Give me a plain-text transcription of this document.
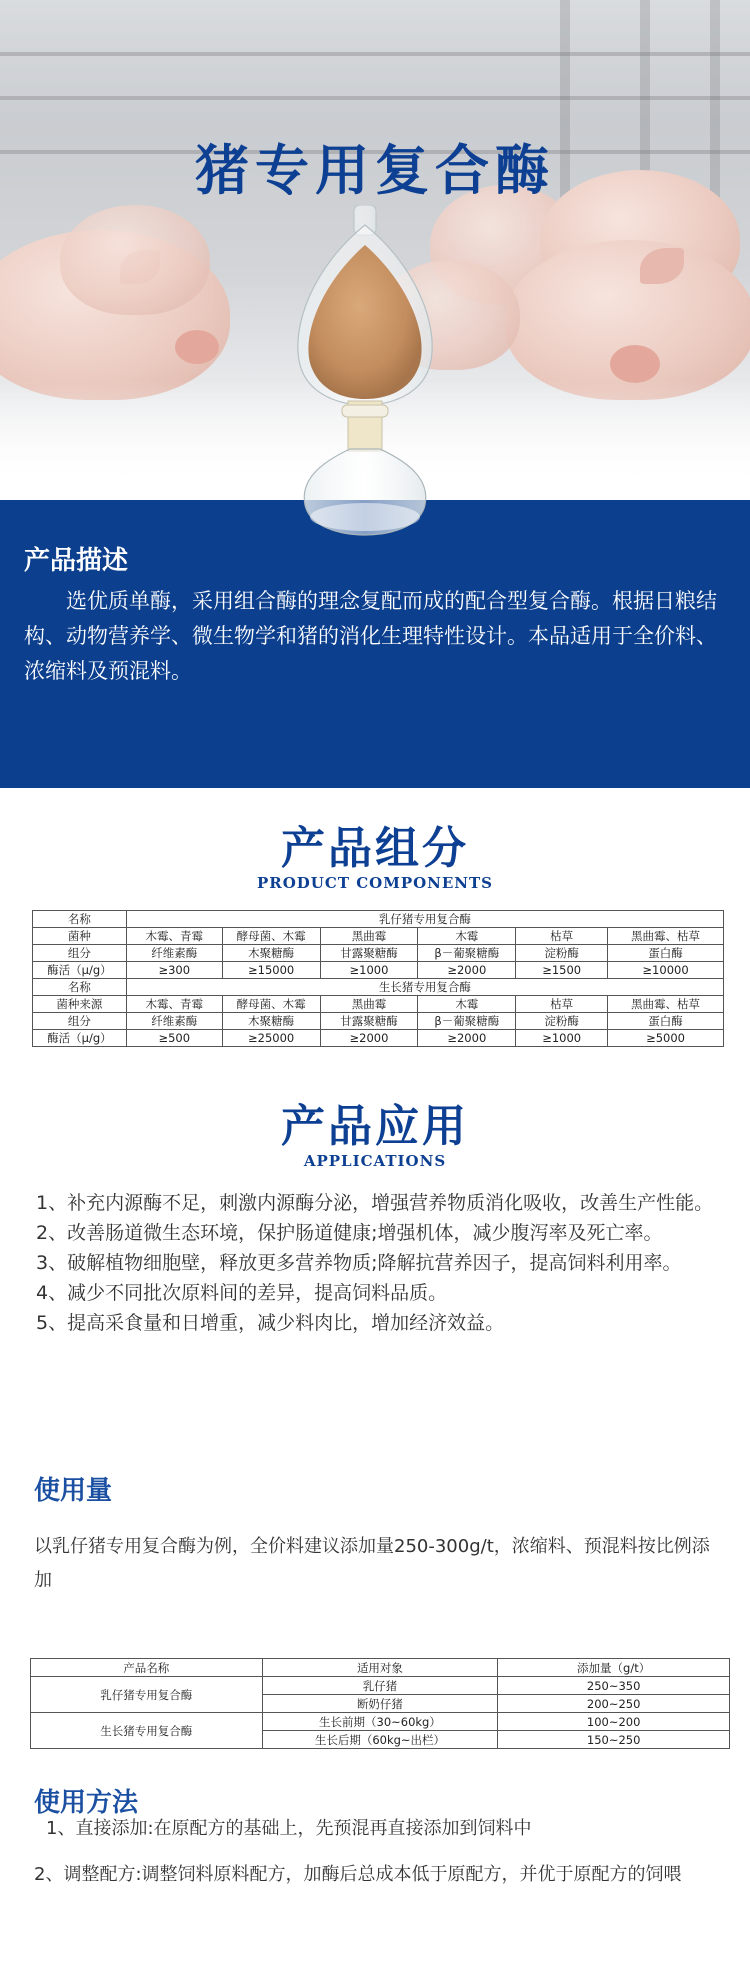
猪专用复合酶
产品描述

选优质单酶，采用组合酶的理念复配而成的配合型复合酶。根据日粮结构、动物营养学、微生物学和猪的消化生理特性设计。本品适用于全价料、浓缩料及预混料。

产品组分

PRODUCT COMPONENTS

名称	乳仔猪专用复合酶					
菌种	木霉、青霉	酵母菌、木霉	黑曲霉	木霉	枯草	黑曲霉、枯草
组分	纤维素酶	木聚糖酶	甘露聚糖酶	β－葡聚糖酶	淀粉酶	蛋白酶
酶活（μ/g）	≥300	≥15000	≥1000	≥2000	≥1500	≥10000
名称	生长猪专用复合酶					
菌种来源	木霉、青霉	酵母菌、木霉	黑曲霉	木霉	枯草	黑曲霉、枯草
组分	纤维素酶	木聚糖酶	甘露聚糖酶	β－葡聚糖酶	淀粉酶	蛋白酶
酶活（μ/g）	≥500	≥25000	≥2000	≥2000	≥1000	≥5000
产品应用

APPLICATIONS

1、补充内源酶不足，刺激内源酶分泌，增强营养物质消化吸收，改善生产性能。
2、改善肠道微生态环境，保护肠道健康;增强机体，减少腹泻率及死亡率。
3、破解植物细胞壁，释放更多营养物质;降解抗营养因子，提高饲料利用率。
4、减少不同批次原料间的差异，提高饲料品质。
5、提高采食量和日增重，减少料肉比，增加经济效益。
使用量

以乳仔猪专用复合酶为例，全价料建议添加量250-300g/t，浓缩料、预混料按比例添加

产品名称	适用对象	添加量（g/t）
乳仔猪专用复合酶	乳仔猪	250~350
	断奶仔猪	200~250
生长猪专用复合酶	生长前期（30~60kg）	100~200
	生长后期（60kg~出栏）	150~250
使用方法
1、直接添加:在原配方的基础上，先预混再直接添加到饲料中
2、调整配方:调整饲料原料配方，加酶后总成本低于原配方，并优于原配方的饲喂
